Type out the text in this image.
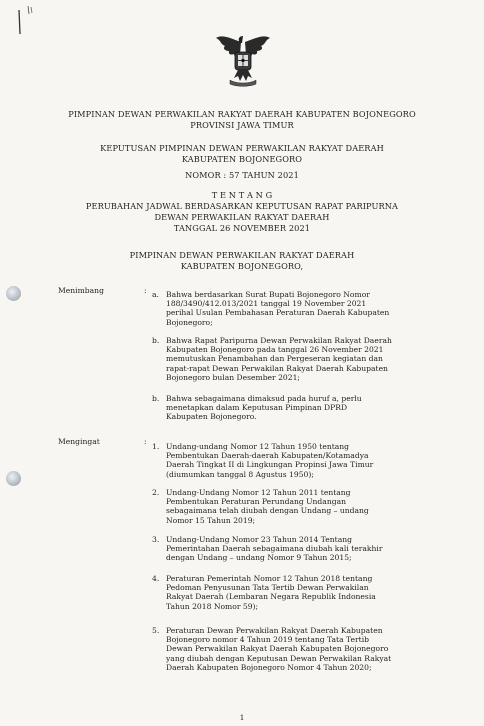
PIMPINAN DEWAN PERWAKILAN RAKYAT DAERAH KABUPATEN BOJONEGORO
PROVINSI JAWA TIMUR
KEPUTUSAN PIMPINAN DEWAN PERWAKILAN RAKYAT DAERAH
KABUPATEN BOJONEGORO
NOMOR : 57 TAHUN 2021
T E N T A N G
PERUBAHAN JADWAL BERDASARKAN KEPUTUSAN RAPAT PARIPURNA
DEWAN PERWAKILAN RAKYAT DAERAH
TANGGAL 26 NOVEMBER 2021
PIMPINAN DEWAN PERWAKILAN RAKYAT DAERAH
KABUPATEN BOJONEGORO,
Menimbang	: a. Bahwa berdasarkan Surat Bupati Bojonegoro Nomor
188/3490/412.013/2021 tanggal 19 November 2021
perihal Usulan Pembahasan Peraturan Daerah Kabupaten
Bojonegoro;
b. Bahwa Rapat Paripurna Dewan Perwakilan Rakyat Daerah
Kabupaten Bojonegoro pada tanggal 26 November 2021
memutuskan Penambahan dan Pergeseran kegiatan dan
rapat-rapat Dewan Perwakilan Rakyat Daerah Kabupaten
Bojonegoro bulan Desember 2021;
b. Bahwa sebagaimana dimaksud pada huruf a, perlu
menetapkan dalam Keputusan Pimpinan DPRD
Kabupaten Bojonegoro.
Mengingat	:
1. Undang-undang Nomor 12 Tahun 1950 tentang
Pembentukan Daerah-daerah Kabupaten/Kotamadya
Daerah Tingkat II di Lingkungan Propinsi Jawa Timur
(diumumkan tanggal 8 Agustus 1950);
2. Undang-Undang Nomor 12 Tahun 2011 tentang
Pembentukan Peraturan Perundang Undangan
sebagaimana telah diubah dengan Undang – undang
Nomor 15 Tahun 2019;
3. Undang-Undang Nomor 23 Tahun 2014 Tentang
Pemerintahan Daerah sebagaimana diubah kali terakhir
dengan Undang – undang Nomor 9 Tahun 2015;
4. Peraturan Pemerintah Nomor 12 Tahun 2018 tentang
Pedoman Penyusunan Tata Tertib Dewan Perwakilan
Rakyat Daerah (Lembaran Negara Republik Indonesia
Tahun 2018 Nomor 59);
5. Peraturan Dewan Perwakilan Rakyat Daerah Kabupaten
Bojonegoro nomor 4 Tahun 2019 tentang Tata Tertib
Dewan Perwakilan Rakyat Daerah Kabupaten Bojonegoro
yang diubah dengan Keputusan Dewan Perwakilan Rakyat
Daerah Kabupaten Bojonegoro Nomor 4 Tahun 2020;
1
